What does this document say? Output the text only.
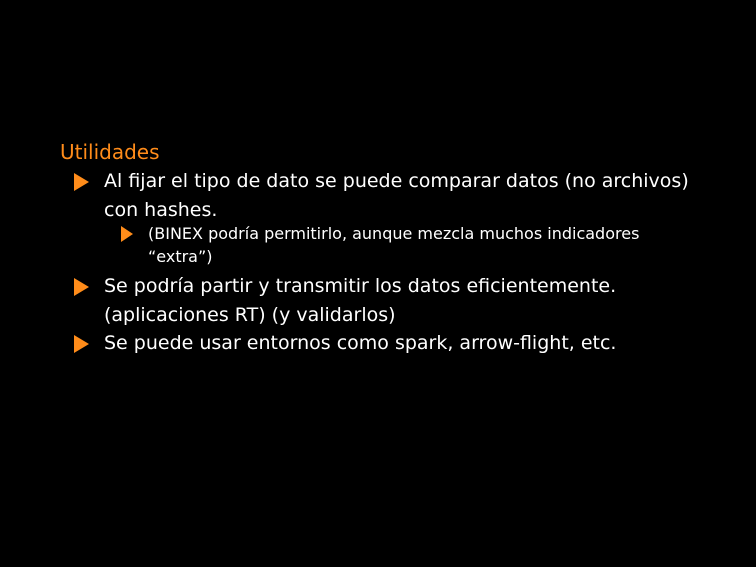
Utilidades
Al fijar el tipo de dato se puede comparar datos (no archivos) con hashes.
(BINEX podría permitirlo, aunque mezcla muchos indicadores “extra”)
Se podría partir y transmitir los datos eficientemente. (aplicaciones RT) (y validarlos)
Se puede usar entornos como spark, arrow-flight, etc.
